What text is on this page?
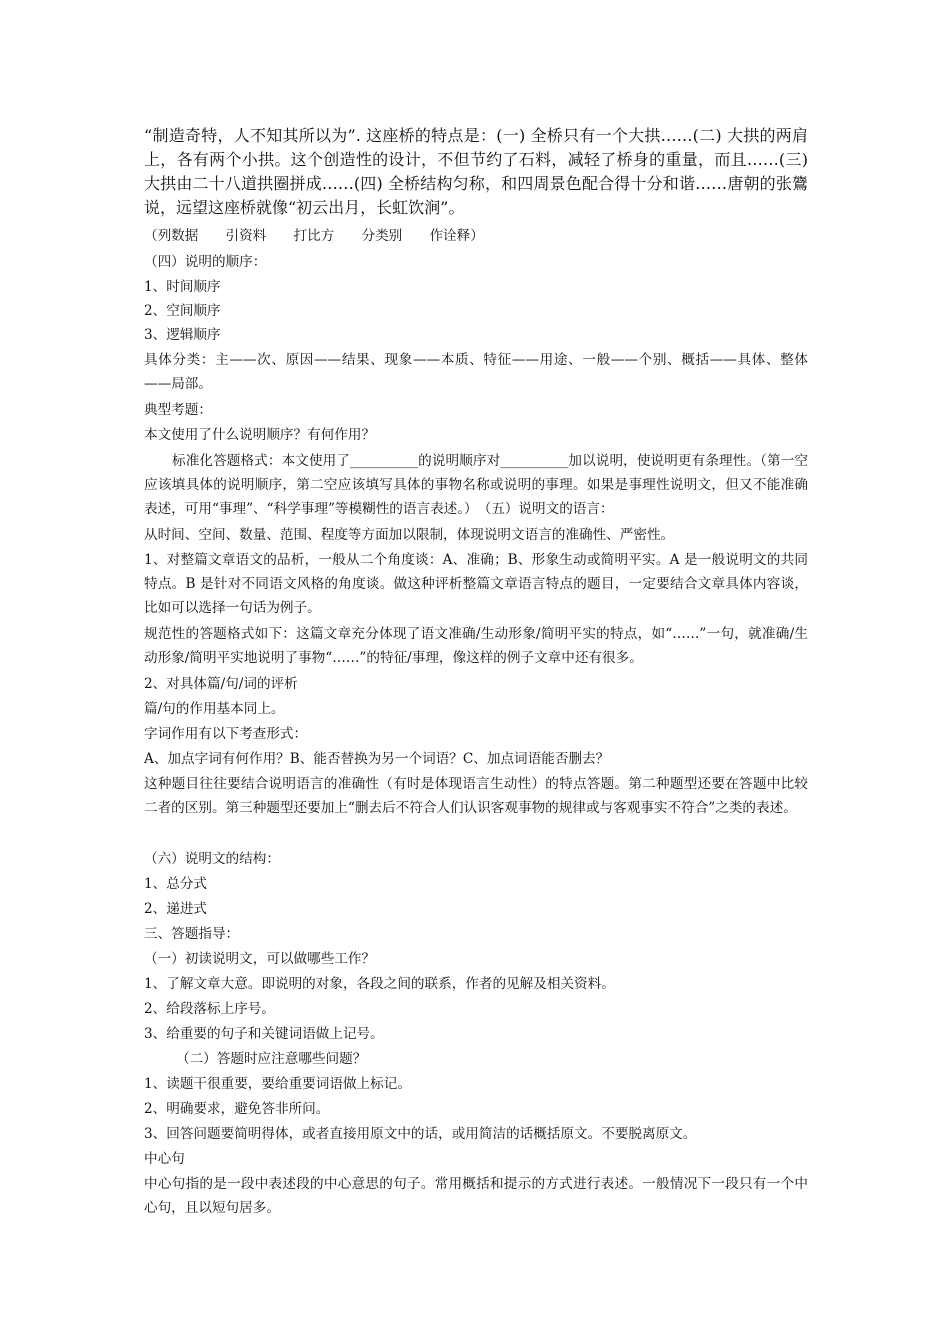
“制造奇特，人不知其所以为”. 这座桥的特点是：(一) 全桥只有一个大拱……(二) 大拱的两肩上，各有两个小拱。这个创造性的设计，不但节约了石料，减轻了桥身的重量，而且……(三) 大拱由二十八道拱圈拼成……(四) 全桥结构匀称，和四周景色配合得十分和谐……唐朝的张鷟说，远望这座桥就像“初云出月，长虹饮涧”。

（列数据　　引资料　　打比方　　分类别　　作诠释）

（四）说明的顺序：

1、时间顺序

2、空间顺序

3、逻辑顺序

具体分类：主——次、原因——结果、现象——本质、特征——用途、一般——个别、概括——具体、整体——局部。

典型考题：

本文使用了什么说明顺序？有何作用？

标准化答题格式：本文使用了__________的说明顺序对__________加以说明，使说明更有条理性。（第一空应该填具体的说明顺序，第二空应该填写具体的事物名称或说明的事理。如果是事理性说明文，但又不能准确表述，可用“事理”、“科学事理”等模糊性的语言表述。）　（五）说明文的语言：

从时间、空间、数量、范围、程度等方面加以限制，体现说明文语言的准确性、严密性。

1、对整篇文章语文的品析，一般从二个角度谈：A、准确；B、形象生动或简明平实。A 是一般说明文的共同特点。B 是针对不同语文风格的角度谈。做这种评析整篇文章语言特点的题目，一定要结合文章具体内容谈，比如可以选择一句话为例子。

规范性的答题格式如下：这篇文章充分体现了语文准确/生动形象/简明平实的特点，如“……”一句，就准确/生动形象/简明平实地说明了事物“……”的特征/事理，像这样的例子文章中还有很多。

2、对具体篇/句/词的评析

篇/句的作用基本同上。

字词作用有以下考查形式：

A、加点字词有何作用？B、能否替换为另一个词语？C、加点词语能否删去？

这种题目往往要结合说明语言的准确性（有时是体现语言生动性）的特点答题。第二种题型还要在答题中比较二者的区别。第三种题型还要加上“删去后不符合人们认识客观事物的规律或与客观事实不符合”之类的表述。

（六）说明文的结构：

1、总分式

2、递进式

三、答题指导：

（一）初读说明文，可以做哪些工作？

1、了解文章大意。即说明的对象，各段之间的联系，作者的见解及相关资料。

2、给段落标上序号。

3、给重要的句子和关键词语做上记号。

（二）答题时应注意哪些问题？

1、读题干很重要，要给重要词语做上标记。

2、明确要求，避免答非所问。

3、回答问题要简明得体，或者直接用原文中的话，或用简洁的话概括原文。不要脱离原文。

中心句

中心句指的是一段中表述段的中心意思的句子。常用概括和提示的方式进行表述。一般情况下一段只有一个中心句，且以短句居多。
